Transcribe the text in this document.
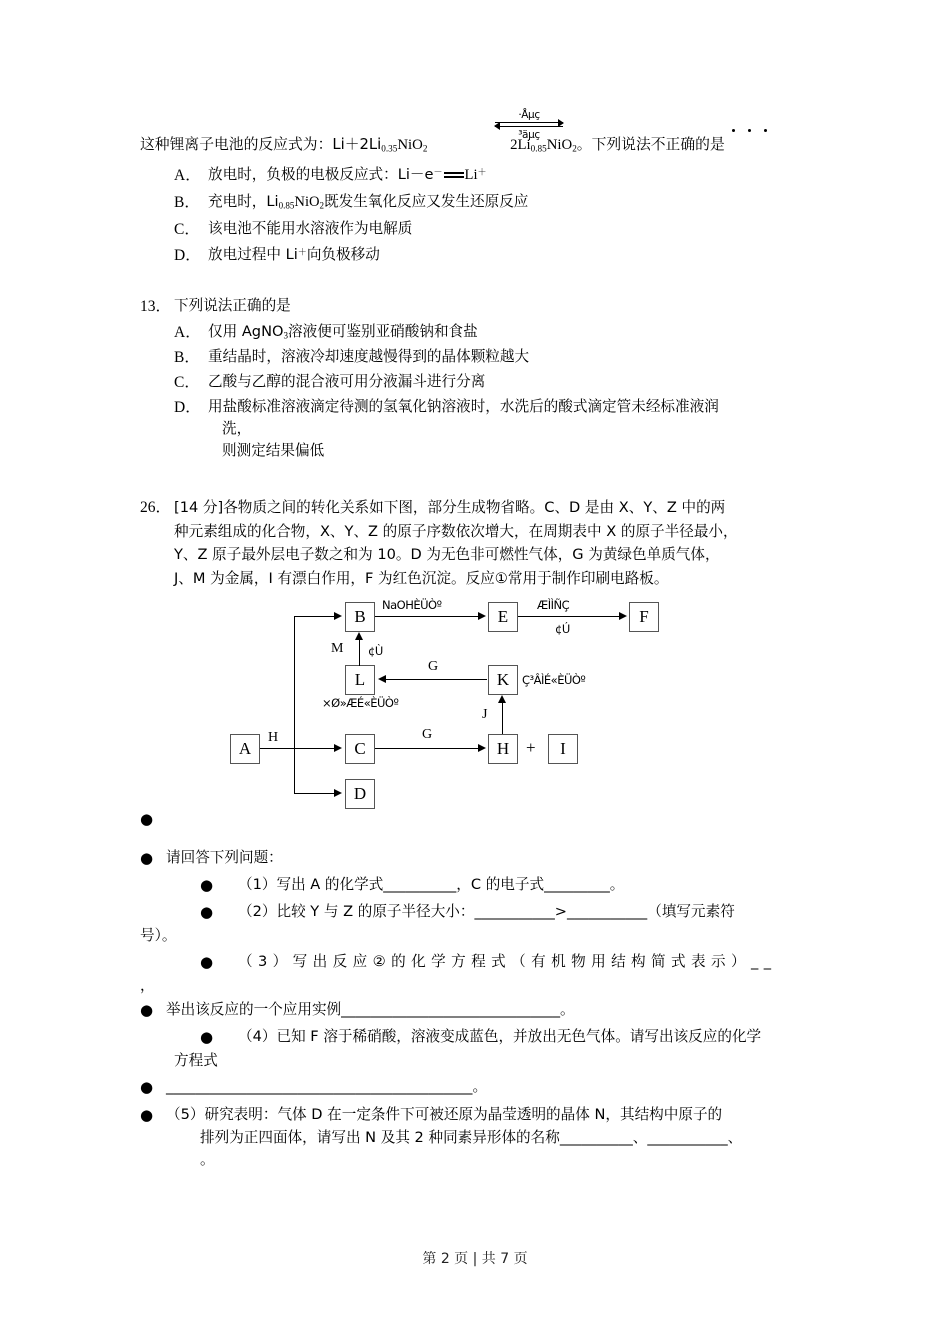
这种锂离子电池的反应式为：$Li+2Li_{0.35}NiO_2$	$2Li_{0.85}NiO_2$。下列说法不正确的是
·Åµç
³äµç
A． 放电时，负极的电极反应式：Li－e－ Li＋
B． 充电时，$Li_{0.85}NiO_2$既发生氧化反应又发生还原反应
C． 该电池不能用水溶液作为电解质
D． 放电过程中 Li＋向负极移动
13． 下列说法正确的是
A． 仅用 AgNO$_3$溶液便可鉴别亚硝酸钠和食盐
B． 重结晶时，溶液冷却速度越慢得到的晶体颗粒越大
C． 乙酸与乙醇的混合液可用分液漏斗进行分离
D． 用盐酸标准溶液滴定待测的氢氧化钠溶液时，水洗后的酸式滴定管未经标准液润
洗，
则测定结果偏低
26． [14 分]各物质之间的转化关系如下图，部分生成物省略。C、D 是由 X、Y、Z 中的两
种元素组成的化合物，X、Y、Z 的原子序数依次增大，在周期表中 X 的原子半径最小，
Y、Z 原子最外层电子数之和为 10。D 为无色非可燃性气体，G 为黄绿色单质气体，
J、M 为金属，I 有漂白作用，F 为红色沉淀。反应①常用于制作印刷电路板。
A
B
C
D
E	F
L	K
H	I
H
NaOHÈÜÒº	ÆÌÌÑÇ
¢Ú
M ¢Ù
G
×Ø»ÆÉ«ÈÜÒº
Ç³ÂÌÉ«ÈÜÒº
G
J
+
●
● 请回答下列问题：
●	（1）写出 A 的化学式__________，C 的电子式_________。
●	（2）比较 Y 与 Z 的原子半径大小：___________>___________（填写元素符
号）。
●	（3）写出反应②的化学方程式（有机物用结构简式表示）__
，
● 举出该反应的一个应用实例______________________________。
●	（4）已知 F 溶于稀硝酸，溶液变成蓝色，并放出无色气体。请写出该反应的化学
方程式
● __________________________________________。
● （5）研究表明：气体 D 在一定条件下可被还原为晶莹透明的晶体 N，其结构中原子的
排列为正四面体，请写出 N 及其 2 种同素异形体的名称__________、___________、
。
第 2 页 | 共 7 页
